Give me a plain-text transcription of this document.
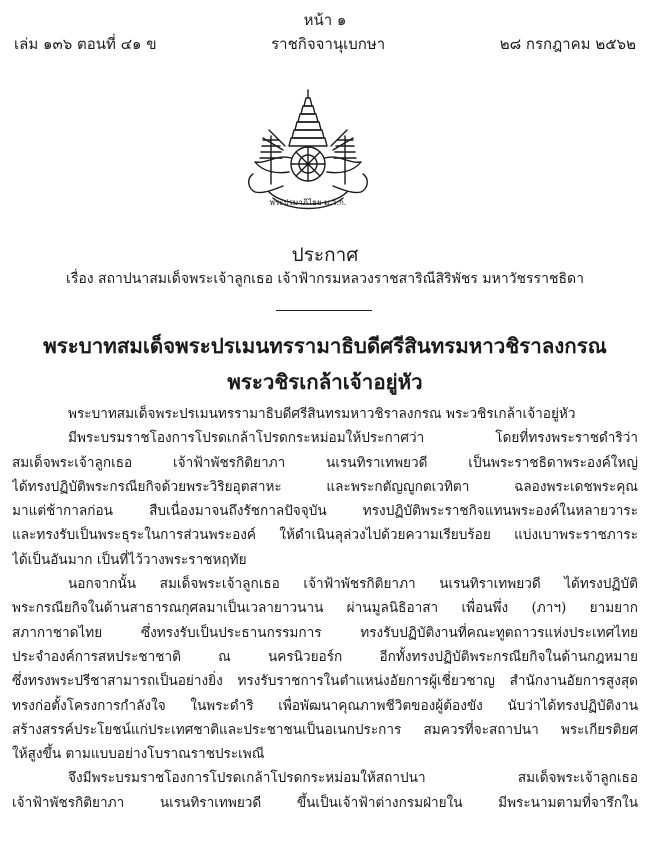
หน้า ๑
เล่ม ๑๓๖ ตอนที่ ๔๑ ข	ราชกิจจานุเบกษา	๒๘ กรกฎาคม ๒๕๖๒
พระปรมาภิไธย ม.ว.ก.
ประกาศ
เรื่อง สถาปนาสมเด็จพระเจ้าลูกเธอ เจ้าฟ้ากรมหลวงราชสาริณีสิริพัชร มหาวัชรราชธิดา
พระบาทสมเด็จพระปรเมนทรรามาธิบดีศรีสินทรมหาวชิราลงกรณ
พระวชิรเกล้าเจ้าอยู่หัว
พระบาทสมเด็จพระปรเมนทรรามาธิบดีศรีสินทรมหาวชิราลงกรณ พระวชิรเกล้าเจ้าอยู่หัว
มีพระบรมราชโองการโปรดเกล้าโปรดกระหม่อมให้ประกาศว่า โดยที่ทรงพระราชดำริว่า
สมเด็จพระเจ้าลูกเธอ เจ้าฟ้าพัชรกิติยาภา นเรนทิราเทพยวดี เป็นพระราชธิดาพระองค์ใหญ่
ได้ทรงปฏิบัติพระกรณียกิจด้วยพระวิริยอุตสาหะ และพระกตัญญูกตเวทิตา ฉลองพระเดชพระคุณ
มาแต่ช้ากาลก่อน สืบเนื่องมาจนถึงรัชกาลปัจจุบัน ทรงปฏิบัติพระราชกิจแทนพระองค์ในหลายวาระ
และทรงรับเป็นพระธุระในการส่วนพระองค์ ให้ดำเนินลุล่วงไปด้วยความเรียบร้อย แบ่งเบาพระราชภาระ
ได้เป็นอันมาก เป็นที่ไว้วางพระราชหฤทัย
นอกจากนั้น สมเด็จพระเจ้าลูกเธอ เจ้าฟ้าพัชรกิติยาภา นเรนทิราเทพยวดี ได้ทรงปฏิบัติ
พระกรณียกิจในด้านสาธารณกุศลมาเป็นเวลายาวนาน ผ่านมูลนิธิอาสา เพื่อนพึ่ง (ภาฯ) ยามยาก
สภากาชาดไทย ซึ่งทรงรับเป็นประธานกรรมการ ทรงรับปฏิบัติงานที่คณะทูตถาวรแห่งประเทศไทย
ประจำองค์การสหประชาชาติ ณ นครนิวยอร์ก อีกทั้งทรงปฏิบัติพระกรณียกิจในด้านกฎหมาย
ซึ่งทรงพระปรีชาสามารถเป็นอย่างยิ่ง ทรงรับราชการในตำแหน่งอัยการผู้เชี่ยวชาญ สำนักงานอัยการสูงสุด
ทรงก่อตั้งโครงการกำลังใจ ในพระดำริ เพื่อพัฒนาคุณภาพชีวิตของผู้ต้องขัง นับว่าได้ทรงปฏิบัติงาน
สร้างสรรค์ประโยชน์แก่ประเทศชาติและประชาชนเป็นอเนกประการ สมควรที่จะสถาปนา พระเกียรติยศ
ให้สูงขึ้น ตามแบบอย่างโบราณราชประเพณี
จึงมีพระบรมราชโองการโปรดเกล้าโปรดกระหม่อมให้สถาปนา สมเด็จพระเจ้าลูกเธอ
เจ้าฟ้าพัชรกิติยาภา นเรนทิราเทพยวดี ขึ้นเป็นเจ้าฟ้าต่างกรมฝ่ายใน มีพระนามตามที่จารึกใน
